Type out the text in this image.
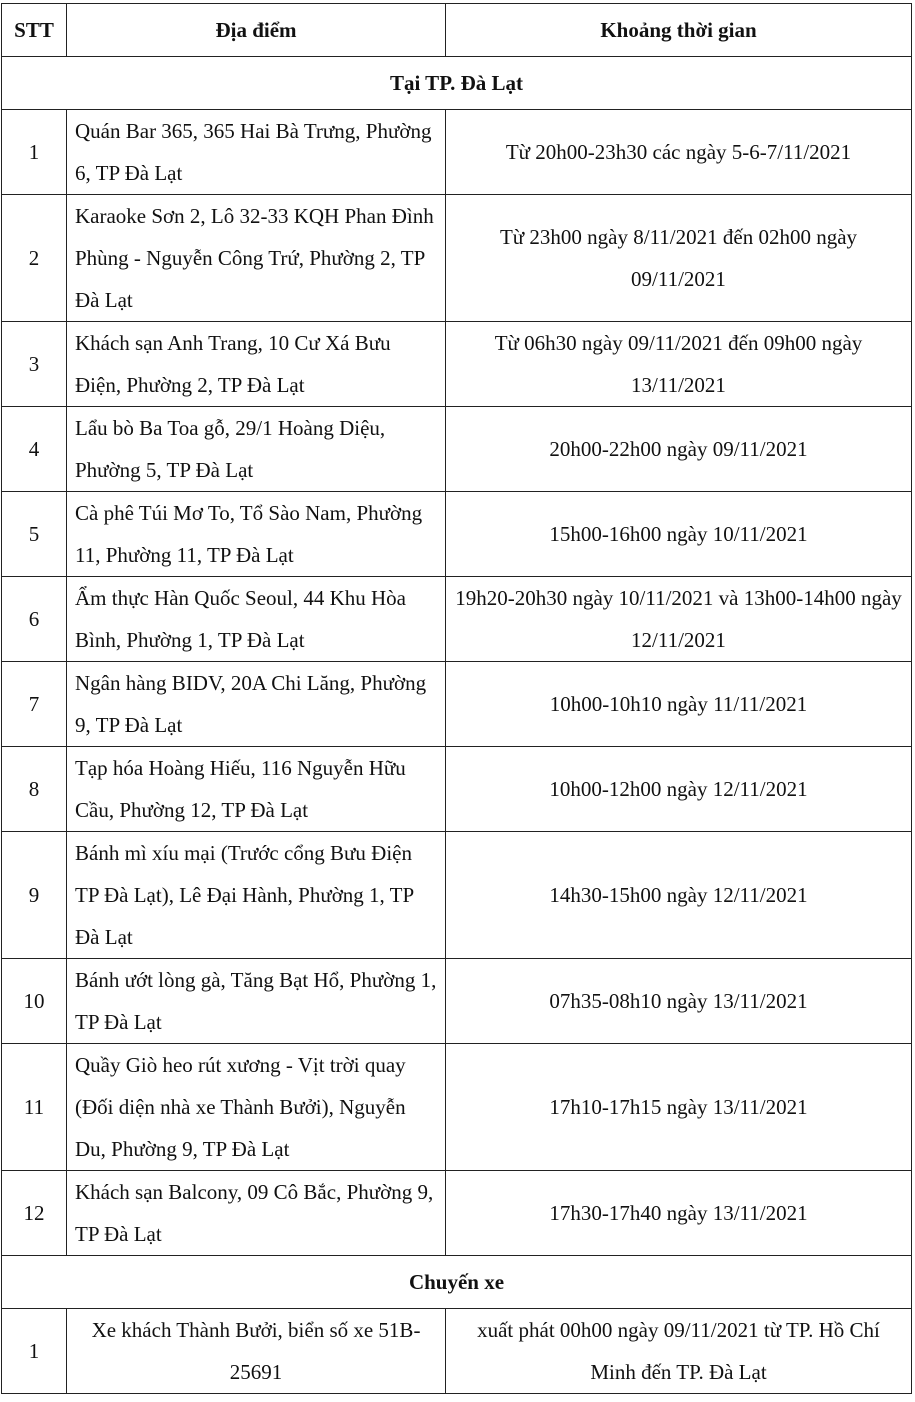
STT	Địa điểm	Khoảng thời gian
Tại TP. Đà Lạt		
1	Quán Bar 365, 365 Hai Bà Trưng, Phường 6, TP Đà Lạt	Từ 20h00-23h30 các ngày 5-6-7/11/2021
2	Karaoke Sơn 2, Lô 32-33 KQH Phan Đình Phùng - Nguyễn Công Trứ, Phường 2, TP Đà Lạt	Từ 23h00 ngày 8/11/2021 đến 02h00 ngày 09/11/2021
3	Khách sạn Anh Trang, 10 Cư Xá Bưu Điện, Phường 2, TP Đà Lạt	Từ 06h30 ngày 09/11/2021 đến 09h00 ngày 13/11/2021
4	Lẩu bò Ba Toa gỗ, 29/1 Hoàng Diệu, Phường 5, TP Đà Lạt	20h00-22h00 ngày 09/11/2021
5	Cà phê Túi Mơ To, Tổ Sào Nam, Phường 11, Phường 11, TP Đà Lạt	15h00-16h00 ngày 10/11/2021
6	Ẩm thực Hàn Quốc Seoul, 44 Khu Hòa Bình, Phường 1, TP Đà Lạt	19h20-20h30 ngày 10/11/2021 và 13h00-14h00 ngày 12/11/2021
7	Ngân hàng BIDV, 20A Chi Lăng, Phường 9, TP Đà Lạt	10h00-10h10 ngày 11/11/2021
8	Tạp hóa Hoàng Hiếu, 116 Nguyễn Hữu Cầu, Phường 12, TP Đà Lạt	10h00-12h00 ngày 12/11/2021
9	Bánh mì xíu mại (Trước cổng Bưu Điện TP Đà Lạt), Lê Đại Hành, Phường 1, TP Đà Lạt	14h30-15h00 ngày 12/11/2021
10	Bánh ướt lòng gà, Tăng Bạt Hổ, Phường 1, TP Đà Lạt	07h35-08h10 ngày 13/11/2021
11	Quầy Giò heo rút xương - Vịt trời quay (Đối diện nhà xe Thành Bưởi), Nguyễn Du, Phường 9, TP Đà Lạt	17h10-17h15 ngày 13/11/2021
12	Khách sạn Balcony, 09 Cô Bắc, Phường 9, TP Đà Lạt	17h30-17h40 ngày 13/11/2021
Chuyến xe		
1	Xe khách Thành Bưởi, biển số xe 51B-25691	xuất phát 00h00 ngày 09/11/2021 từ TP. Hồ Chí Minh đến TP. Đà Lạt
